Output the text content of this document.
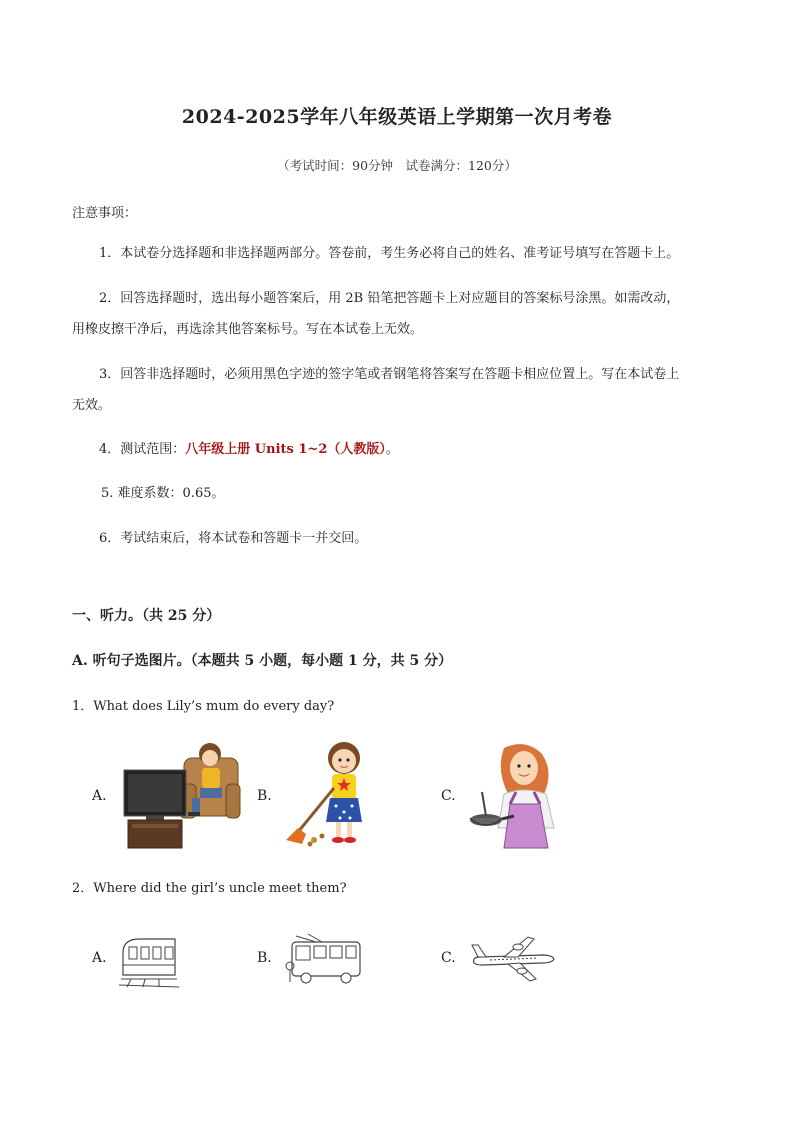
2024-2025学年八年级英语上学期第一次月考卷
（考试时间：90分钟　试卷满分：120分）
注意事项：
1．本试卷分选择题和非选择题两部分。答卷前，考生务必将自己的姓名、准考证号填写在答题卡上。
2．回答选择题时，选出每小题答案后，用 2B 铅笔把答题卡上对应题目的答案标号涂黑。如需改动，
用橡皮擦干净后，再选涂其他答案标号。写在本试卷上无效。
3．回答非选择题时，必须用黑色字迹的签字笔或者钢笔将答案写在答题卡相应位置上。写在本试卷上
无效。
4．测试范围：八年级上册 Units 1~2（人教版）。
5. 难度系数：0.65。
6．考试结束后，将本试卷和答题卡一并交回。
一、听力。（共 25 分）
A. 听句子选图片。（本题共 5 小题，每小题 1 分，共 5 分）
1．What does Lily’s mum do every day?
A.	B.	C.
2．Where did the girl’s uncle meet them?
A.	B.	C.
